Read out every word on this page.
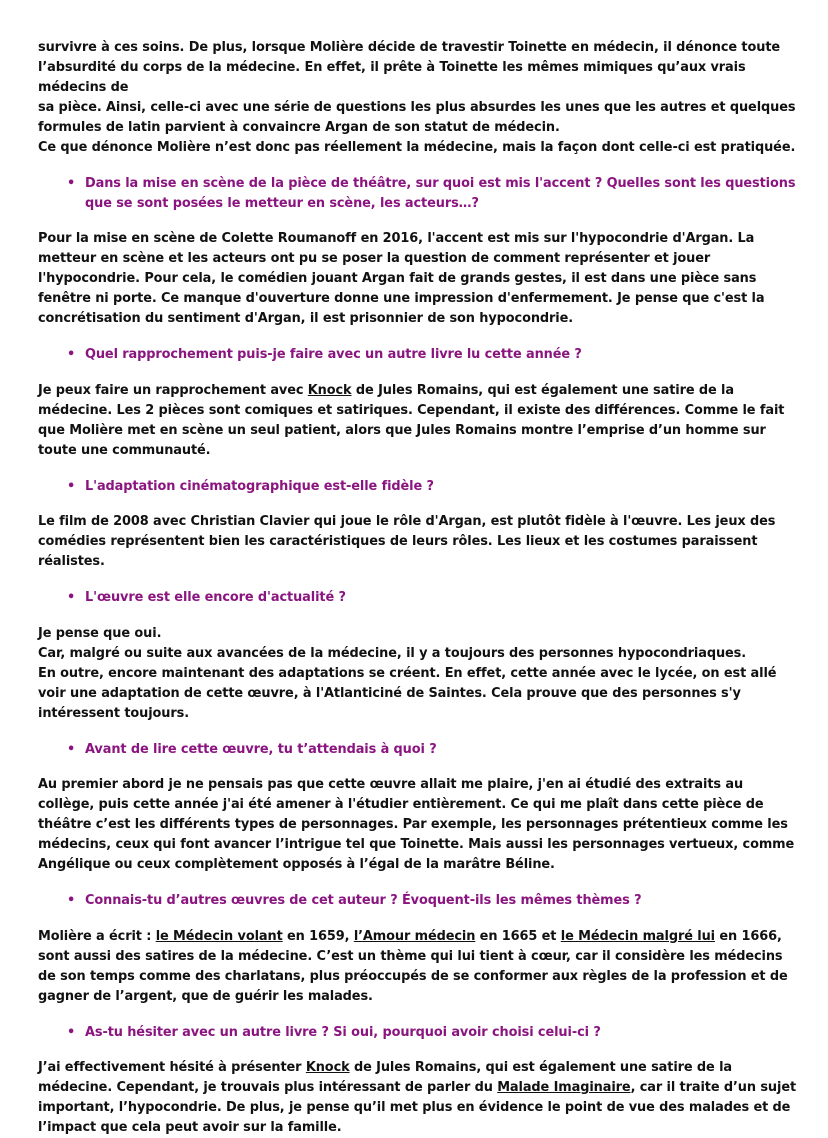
survivre à ces soins. De plus, lorsque Molière décide de travestir Toinette en médecin, il dénonce toute

l’absurdité du corps de la médecine. En effet, il prête à Toinette les mêmes mimiques qu’aux vrais médecins de

sa pièce. Ainsi, celle-ci avec une série de questions les plus absurdes les unes que les autres et quelques

formules de latin parvient à convaincre Argan de son statut de médecin.

Ce que dénonce Molière n’est donc pas réellement la médecine, mais la façon dont celle-ci est pratiquée.

• Dans la mise en scène de la pièce de théâtre, sur quoi est mis l'accent ? Quelles sont les questions que se sont posées le metteur en scène, les acteurs…?

Pour la mise en scène de Colette Roumanoff en 2016, l'accent est mis sur l'hypocondrie d'Argan. La metteur en scène et les acteurs ont pu se poser la question de comment représenter et jouer l'hypocondrie. Pour cela, le comédien jouant Argan fait de grands gestes, il est dans une pièce sans fenêtre ni porte. Ce manque d'ouverture donne une impression d'enfermement. Je pense que c'est la concrétisation du sentiment d'Argan, il est prisonnier de son hypocondrie.

• Quel rapprochement puis-je faire avec un autre livre lu cette année ?

Je peux faire un rapprochement avec Knock de Jules Romains, qui est également une satire de la médecine. Les 2 pièces sont comiques et satiriques. Cependant, il existe des différences. Comme le fait que Molière met en scène un seul patient, alors que Jules Romains montre l’emprise d’un homme sur toute une communauté.

• L'adaptation cinématographique est-elle fidèle ?

Le film de 2008 avec Christian Clavier qui joue le rôle d'Argan, est plutôt fidèle à l'œuvre. Les jeux des comédies représentent bien les caractéristiques de leurs rôles. Les lieux et les costumes paraissent réalistes.

• L'œuvre est elle encore d'actualité ?

Je pense que oui.

Car, malgré ou suite aux avancées de la médecine, il y a toujours des personnes hypocondriaques.

En outre, encore maintenant des adaptations se créent. En effet, cette année avec le lycée, on est allé voir une adaptation de cette œuvre, à l'Atlanticiné de Saintes. Cela prouve que des personnes s'y intéressent toujours.

• Avant de lire cette œuvre, tu t’attendais à quoi ?

Au premier abord je ne pensais pas que cette œuvre allait me plaire, j'en ai étudié des extraits au collège, puis cette année j'ai été amener à l'étudier entièrement. Ce qui me plaît dans cette pièce de théâtre c’est les différents types de personnages. Par exemple, les personnages prétentieux comme les médecins, ceux qui font avancer l’intrigue tel que Toinette. Mais aussi les personnages vertueux, comme Angélique ou ceux complètement opposés à l’égal de la marâtre Béline.

• Connais-tu d’autres œuvres de cet auteur ? Évoquent-ils les mêmes thèmes ?

Molière a écrit : le Médecin volant en 1659, l’Amour médecin en 1665 et le Médecin malgré lui en 1666, sont aussi des satires de la médecine. C’est un thème qui lui tient à cœur, car il considère les médecins de son temps comme des charlatans, plus préoccupés de se conformer aux règles de la profession et de gagner de l’argent, que de guérir les malades.

• As-tu hésiter avec un autre livre ? Si oui, pourquoi avoir choisi celui-ci ?

J’ai effectivement hésité à présenter Knock de Jules Romains, qui est également une satire de la médecine. Cependant, je trouvais plus intéressant de parler du Malade Imaginaire, car il traite d’un sujet important, l’hypocondrie. De plus, je pense qu’il met plus en évidence le point de vue des malades et de l’impact que cela peut avoir sur la famille.
